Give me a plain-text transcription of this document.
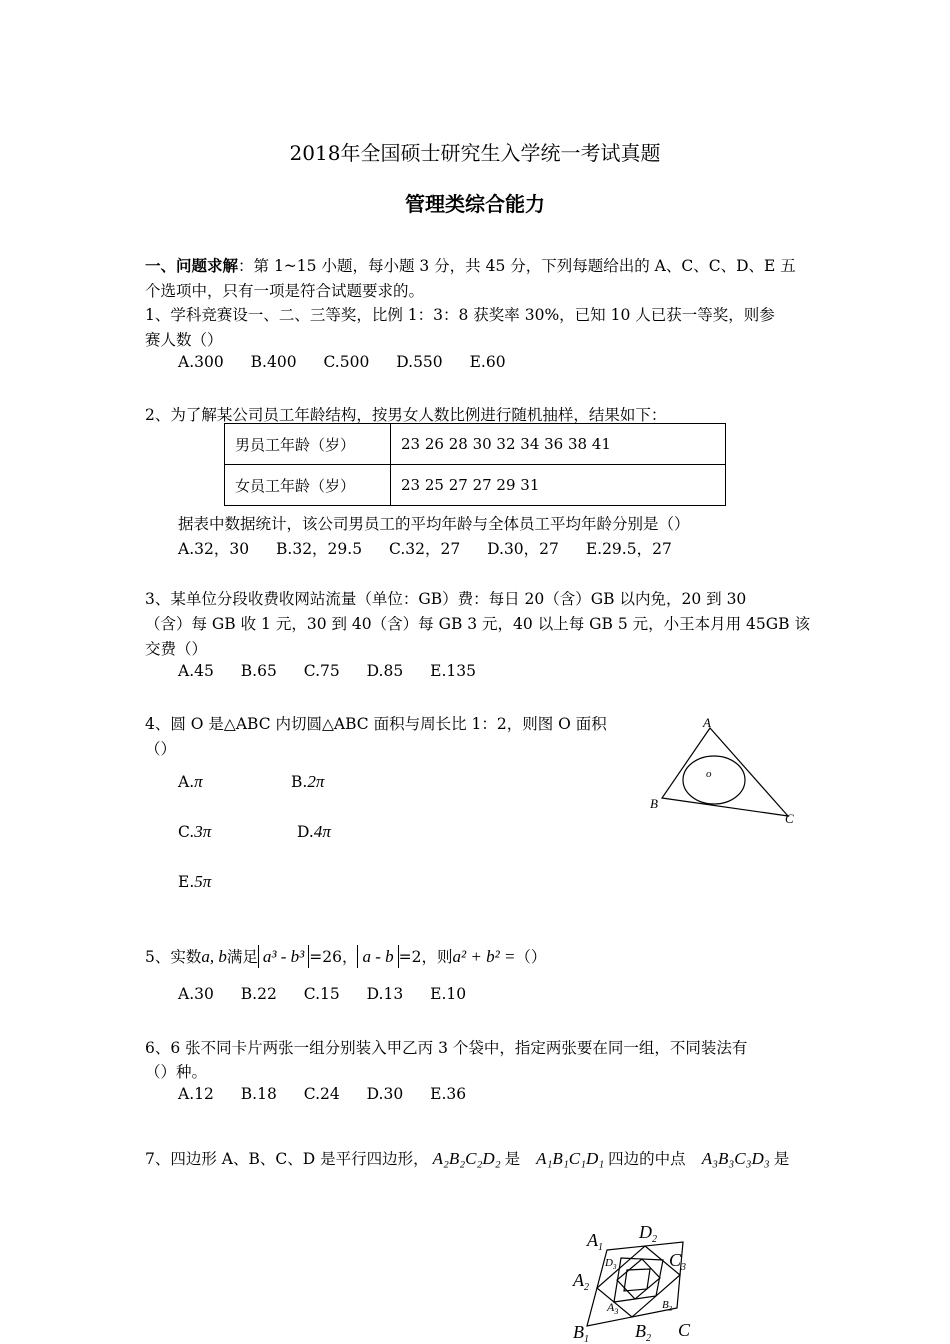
2018年全国硕士研究生入学统一考试真题
管理类综合能力
一、问题求解：第 1~15 小题，每小题 3 分，共 45 分，下列每题给出的 A、C、C、D、E 五
个选项中，只有一项是符合试题要求的。
1、学科竞赛设一、二、三等奖，比例 1：3：8 获奖率 30%，已知 10 人已获一等奖，则参
赛人数（）
A.300 B.400 C.500 D.550 E.60
2、为了解某公司员工年龄结构，按男女人数比例进行随机抽样，结果如下：
男员工年龄（岁）	23 26 28 30 32 34 36 38 41
女员工年龄（岁）	23 25 27 27 29 31
据表中数据统计，该公司男员工的平均年龄与全体员工平均年龄分别是（）
A.32，30 B.32，29.5 C.32，27 D.30，27 E.29.5，27
3、某单位分段收费收网站流量（单位：GB）费：每日 20（含）GB 以内免，20 到 30
（含）每 GB 收 1 元，30 到 40（含）每 GB 3 元，40 以上每 GB 5 元，小王本月用 45GB 该
交费（）
A.45 B.65 C.75 D.85 E.135
4、圆 O 是△ABC 内切圆△ABC 面积与周长比 1：2，则图 O 面积
（）
A.π	B.2π
C.3π	D.4π
E.5π
A
B
C
o
5、实数a, b满足 a³ - b³ =26， a - b =2，则a² + b² =（）
A.30 B.22 C.15 D.13 E.10
6、6 张不同卡片两张一组分别装入甲乙丙 3 个袋中，指定两张要在同一组，不同装法有
（）种。
A.12 B.18 C.24 D.30 E.36
7、四边形 A、B、C、D 是平行四边形， A₂B₂C₂D₂ 是 A₁B₁C₁D₁ 四边的中点 A₃B₃C₃D₃ 是
$A_1$
$D_2$
$C_3$
$A_2$
$D_3$
$A_3$
$B_3$
$B_1$	$B_2$ C
